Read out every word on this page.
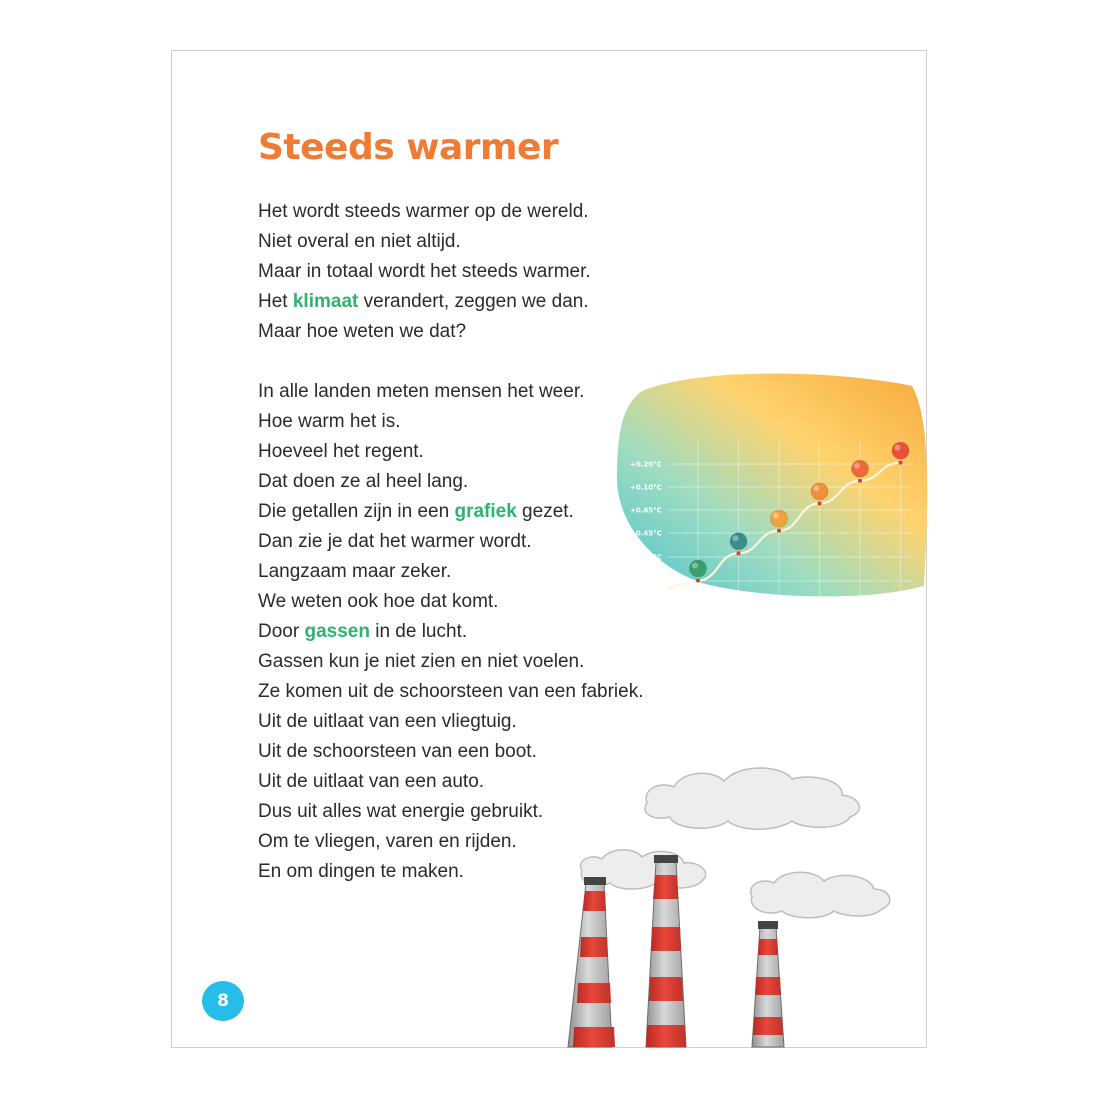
Steeds warmer
Het wordt steeds warmer op de wereld.
Niet overal en niet altijd.
Maar in totaal wordt het steeds warmer.
Het klimaat verandert, zeggen we dan.
Maar hoe weten we dat?
In alle landen meten mensen het weer.
Hoe warm het is.
Hoeveel het regent.
Dat doen ze al heel lang.
Die getallen zijn in een grafiek gezet.
Dan zie je dat het warmer wordt.
Langzaam maar zeker.
We weten ook hoe dat komt.
Door gassen in de lucht.
Gassen kun je niet zien en niet voelen.
Ze komen uit de schoorsteen van een fabriek.
Uit de uitlaat van een vliegtuig.
Uit de schoorsteen van een boot.
Uit de uitlaat van een auto.
Dus uit alles wat energie gebruikt.
Om te vliegen, varen en rijden.
En om dingen te maken.
+0.00°C
+0.25°C
+0.45°C
+0.65°C
+0.10°C
+0.20°C
1880	1950	1980	2000	2030	2025
8
